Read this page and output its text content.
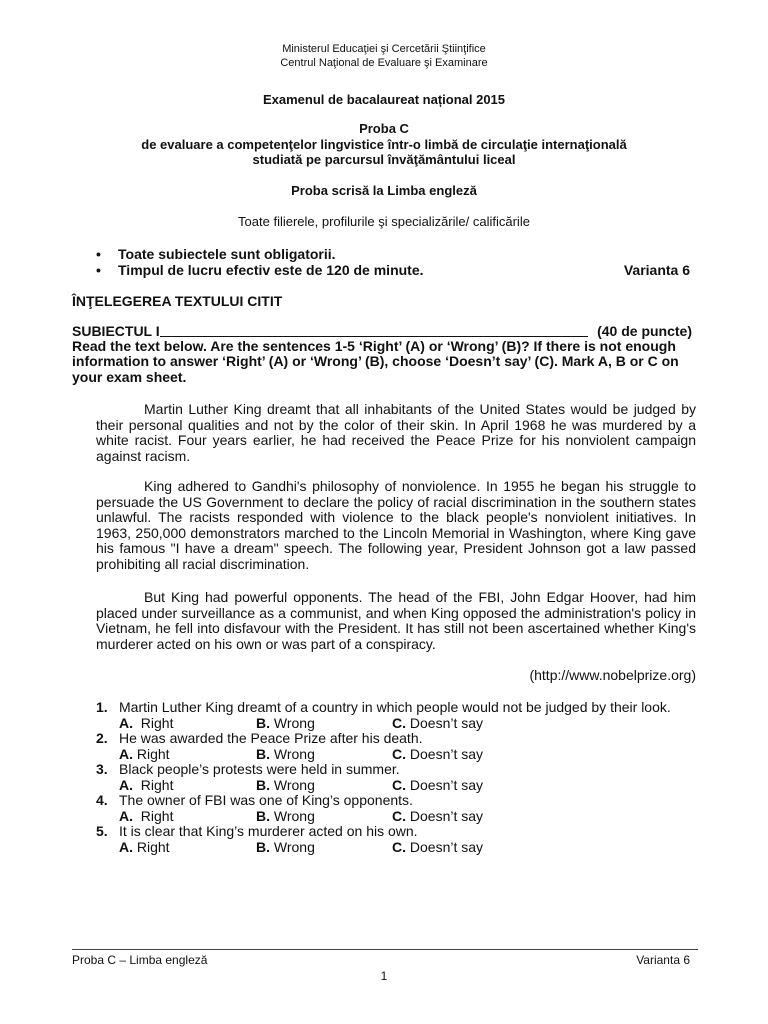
Ministerul Educaţiei şi Cercetării Ştiinţifice
Centrul Naţional de Evaluare şi Examinare
Examenul de bacalaureat național 2015
Proba C
de evaluare a competenţelor lingvistice într-o limbă de circulaţie internaţională
studiată pe parcursul învăţământului liceal
Proba scrisă la Limba engleză
Toate filierele, profilurile şi specializările/ calificările
• Toate subiectele sunt obligatorii.
• Timpul de lucru efectiv este de 120 de minute.	Varianta 6
ÎNŢELEGEREA TEXTULUI CITIT
SUBIECTUL I	(40 de puncte)
Read the text below. Are the sentences 1-5 ‘Right’ (A) or ‘Wrong’ (B)? If there is not enough
information to answer ‘Right’ (A) or ‘Wrong’ (B), choose ‘Doesn’t say’ (C). Mark A, B or C on
your exam sheet.
Martin Luther King dreamt that all inhabitants of the United States would be judged by their personal qualities and not by the color of their skin. In April 1968 he was murdered by a white racist. Four years earlier, he had received the Peace Prize for his nonviolent campaign against racism.
King adhered to Gandhi's philosophy of nonviolence. In 1955 he began his struggle to persuade the US Government to declare the policy of racial discrimination in the southern states unlawful. The racists responded with violence to the black people's nonviolent initiatives. In 1963, 250,000 demonstrators marched to the Lincoln Memorial in Washington, where King gave his famous "I have a dream" speech. The following year, President Johnson got a law passed prohibiting all racial discrimination.
But King had powerful opponents. The head of the FBI, John Edgar Hoover, had him placed under surveillance as a communist, and when King opposed the administration's policy in Vietnam, he fell into disfavour with the President. It has still not been ascertained whether King's murderer acted on his own or was part of a conspiracy.
(http://www.nobelprize.org)
1. Martin Luther King dreamt of a country in which people would not be judged by their look.
A. Right	B. Wrong	C. Doesn’t say
2. He was awarded the Peace Prize after his death.
A. Right	B. Wrong	C. Doesn’t say
3. Black people’s protests were held in summer.
A. Right	B. Wrong	C. Doesn’t say
4. The owner of FBI was one of King’s opponents.
A. Right	B. Wrong	C. Doesn’t say
5. It is clear that King’s murderer acted on his own.
A. Right	B. Wrong	C. Doesn’t say
Proba C – Limba engleză	Varianta 6
1
